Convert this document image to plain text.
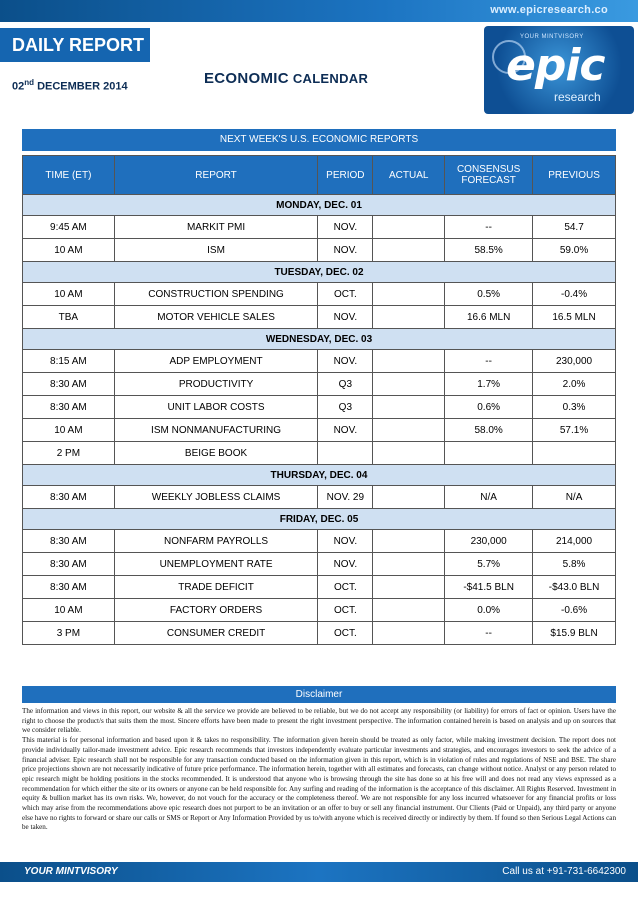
www.epicresearch.co
DAILY REPORT
02nd DECEMBER 2014	ECONOMIC CALENDAR
YOUR MINTVISORY
epic
research
NEXT WEEK'S U.S. ECONOMIC REPORTS
TIME (ET)	REPORT	PERIOD	ACTUAL	CONSENSUS FORECAST	PREVIOUS
MONDAY, DEC. 01					
9:45 AM	MARKIT PMI	NOV.		--	54.7
10 AM	ISM	NOV.		58.5%	59.0%
TUESDAY, DEC. 02					
10 AM	CONSTRUCTION SPENDING	OCT.		0.5%	-0.4%
TBA	MOTOR VEHICLE SALES	NOV.		16.6 MLN	16.5 MLN
WEDNESDAY, DEC. 03					
8:15 AM	ADP EMPLOYMENT	NOV.		--	230,000
8:30 AM	PRODUCTIVITY	Q3		1.7%	2.0%
8:30 AM	UNIT LABOR COSTS	Q3		0.6%	0.3%
10 AM	ISM NONMANUFACTURING	NOV.		58.0%	57.1%
2 PM	BEIGE BOOK				
THURSDAY, DEC. 04					
8:30 AM	WEEKLY JOBLESS CLAIMS	NOV. 29		N/A	N/A
FRIDAY, DEC. 05					
8:30 AM	NONFARM PAYROLLS	NOV.		230,000	214,000
8:30 AM	UNEMPLOYMENT RATE	NOV.		5.7%	5.8%
8:30 AM	TRADE DEFICIT	OCT.		-$41.5 BLN	-$43.0 BLN
10 AM	FACTORY ORDERS	OCT.		0.0%	-0.6%
3 PM	CONSUMER CREDIT	OCT.		--	$15.9 BLN
Disclaimer

The information and views in this report, our website & all the service we provide are believed to be reliable, but we do not accept any responsibility (or liability) for errors of fact or opinion. Users have the right to choose the product/s that suits them the most. Sincere efforts have been made to present the right investment perspective. The information contained herein is based on analysis and up on sources that we consider reliable.

This material is for personal information and based upon it & takes no responsibility. The information given herein should be treated as only factor, while making investment decision. The report does not provide individually tailor-made investment advice. Epic research recommends that investors independently evaluate particular investments and strategies, and encourages investors to seek the advice of a financial adviser. Epic research shall not be responsible for any transaction conducted based on the information given in this report, which is in violation of rules and regulations of NSE and BSE. The share price projections shown are not necessarily indicative of future price performance. The information herein, together with all estimates and forecasts, can change without notice. Analyst or any person related to epic research might be holding positions in the stocks recommended. It is understood that anyone who is browsing through the site has done so at his free will and does not read any views expressed as a recommendation for which either the site or its owners or anyone can be held responsible for. Any surfing and reading of the information is the acceptance of this disclaimer. All Rights Reserved. Investment in equity & bullion market has its own risks. We, however, do not vouch for the accuracy or the completeness thereof. We are not responsible for any loss incurred whatsoever for any financial profits or loss which may arise from the recommendations above epic research does not purport to be an invitation or an offer to buy or sell any financial instrument. Our Clients (Paid or Unpaid), any third party or anyone else have no rights to forward or share our calls or SMS or Report or Any Information Provided by us to/with anyone which is received directly or indirectly by them. If found so then Serious Legal Actions can be taken.

YOUR MINTVISORY	Call us at +91-731-6642300
